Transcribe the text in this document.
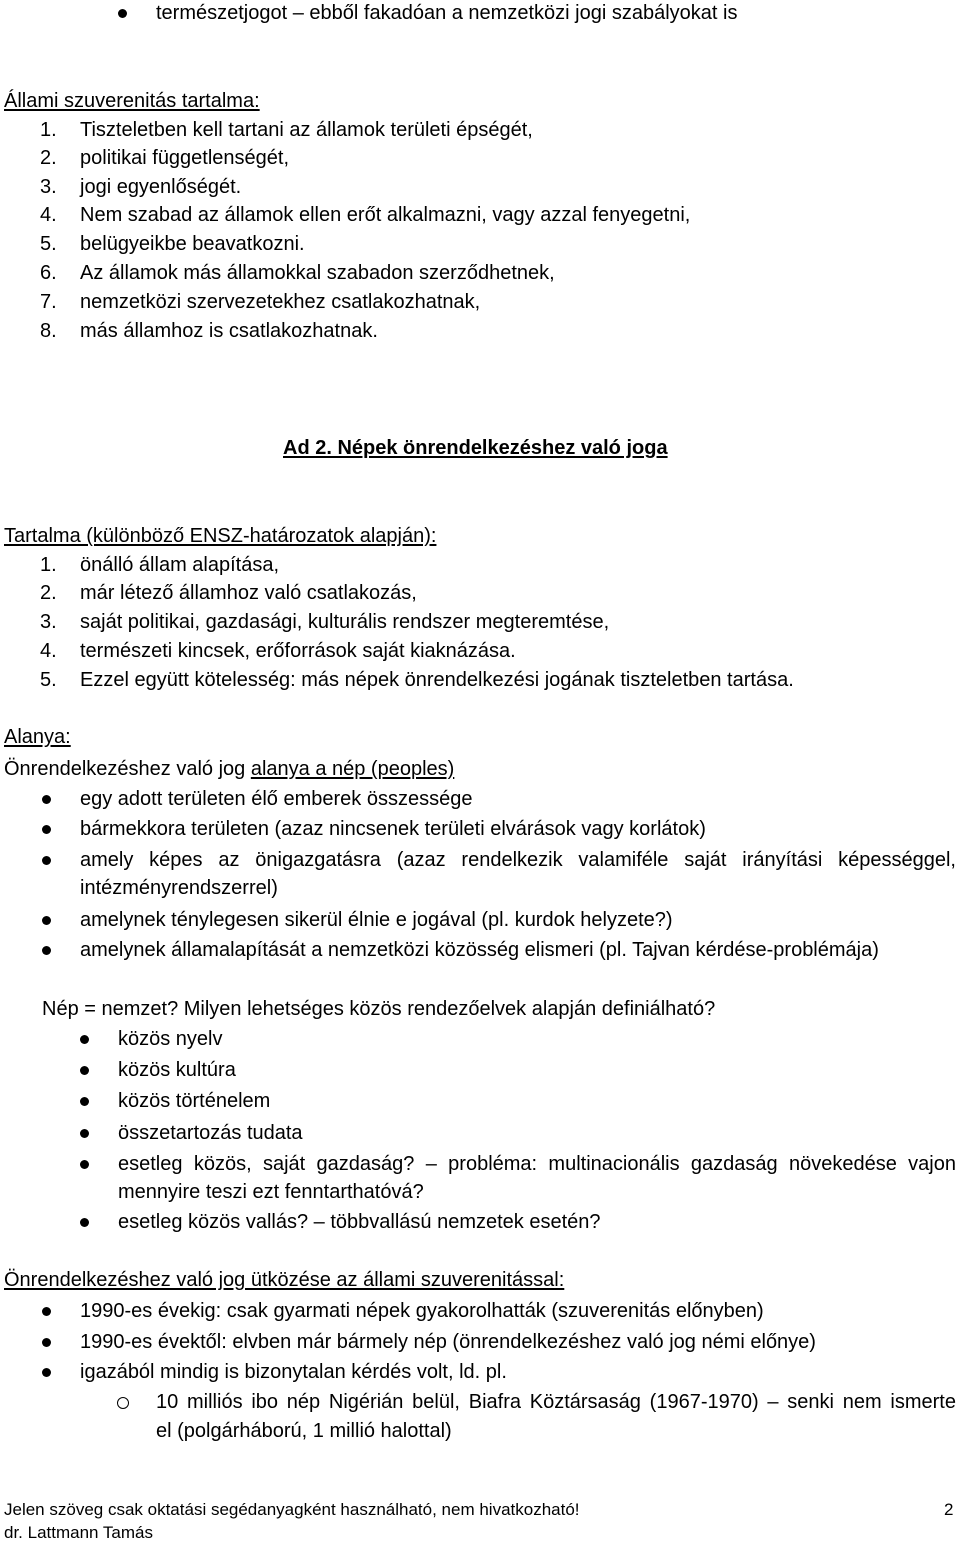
természetjogot – ebből fakadóan a nemzetközi jogi szabályokat is
Állami szuverenitás tartalma:
1. Tiszteletben kell tartani az államok területi épségét,
2. politikai függetlenségét,
3. jogi egyenlőségét.
4. Nem szabad az államok ellen erőt alkalmazni, vagy azzal fenyegetni,
5. belügyeikbe beavatkozni.
6. Az államok más államokkal szabadon szerződhetnek,
7. nemzetközi szervezetekhez csatlakozhatnak,
8. más államhoz is csatlakozhatnak.
Ad 2. Népek önrendelkezéshez való joga
Tartalma (különböző ENSZ-határozatok alapján):
1. önálló állam alapítása,
2. már létező államhoz való csatlakozás,
3. saját politikai, gazdasági, kulturális rendszer megteremtése,
4. természeti kincsek, erőforrások saját kiaknázása.
5. Ezzel együtt kötelesség: más népek önrendelkezési jogának tiszteletben tartása.
Alanya:
Önrendelkezéshez való jog alanya a nép (peoples)
egy adott területen élő emberek összessége
bármekkora területen (azaz nincsenek területi elvárások vagy korlátok)
amely képes az önigazgatásra (azaz rendelkezik valamiféle saját irányítási képességgel,
intézményrendszerrel)
amelynek ténylegesen sikerül élnie e jogával (pl. kurdok helyzete?)
amelynek államalapítását a nemzetközi közösség elismeri (pl. Tajvan kérdése-problémája)
Nép = nemzet? Milyen lehetséges közös rendezőelvek alapján definiálható?
közös nyelv
közös kultúra
közös történelem
összetartozás tudata
esetleg közös, saját gazdaság? – probléma: multinacionális gazdaság növekedése vajon
mennyire teszi ezt fenntarthatóvá?
esetleg közös vallás? – többvallású nemzetek esetén?
Önrendelkezéshez való jog ütközése az állami szuverenitással:
1990-es évekig: csak gyarmati népek gyakorolhatták (szuverenitás előnyben)
1990-es évektől: elvben már bármely nép (önrendelkezéshez való jog némi előnye)
igazából mindig is bizonytalan kérdés volt, ld. pl.
10 milliós ibo nép Nigérián belül, Biafra Köztársaság (1967-1970) – senki nem ismerte
el (polgárháború, 1 millió halottal)
Jelen szöveg csak oktatási segédanyagként használható, nem hivatkozható!	2
dr. Lattmann Tamás
